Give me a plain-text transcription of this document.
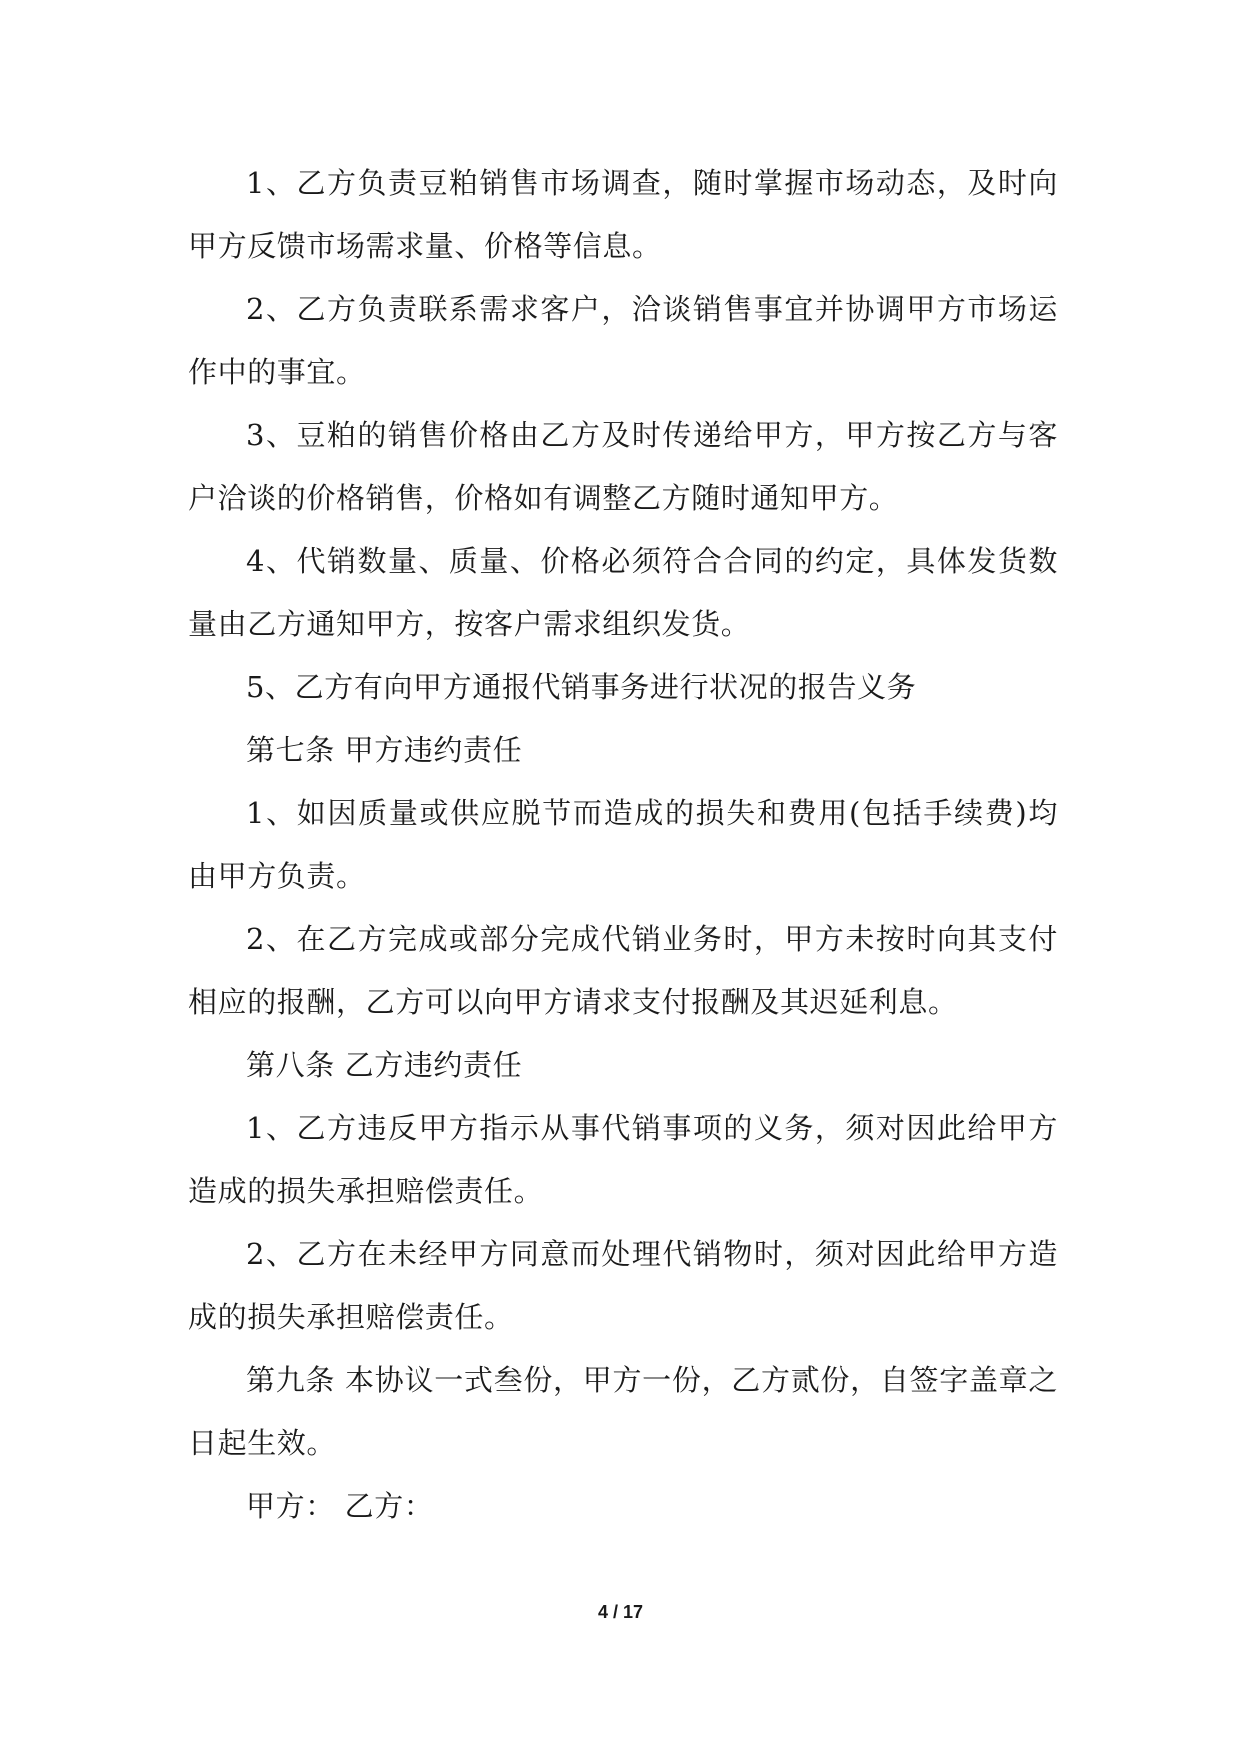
1、乙方负责豆粕销售市场调查，随时掌握市场动态，及时向甲方反馈市场需求量、价格等信息。

2、乙方负责联系需求客户，洽谈销售事宜并协调甲方市场运作中的事宜。

3、豆粕的销售价格由乙方及时传递给甲方，甲方按乙方与客户洽谈的价格销售，价格如有调整乙方随时通知甲方。

4、代销数量、质量、价格必须符合合同的约定，具体发货数量由乙方通知甲方，按客户需求组织发货。

5、乙方有向甲方通报代销事务进行状况的报告义务

第七条 甲方违约责任

1、如因质量或供应脱节而造成的损失和费用(包括手续费)均由甲方负责。

2、在乙方完成或部分完成代销业务时，甲方未按时向其支付相应的报酬，乙方可以向甲方请求支付报酬及其迟延利息。

第八条 乙方违约责任

1、乙方违反甲方指示从事代销事项的义务，须对因此给甲方造成的损失承担赔偿责任。

2、乙方在未经甲方同意而处理代销物时，须对因此给甲方造成的损失承担赔偿责任。

第九条 本协议一式叁份，甲方一份，乙方贰份，自签字盖章之日起生效。

甲方： 乙方：

4 / 17
